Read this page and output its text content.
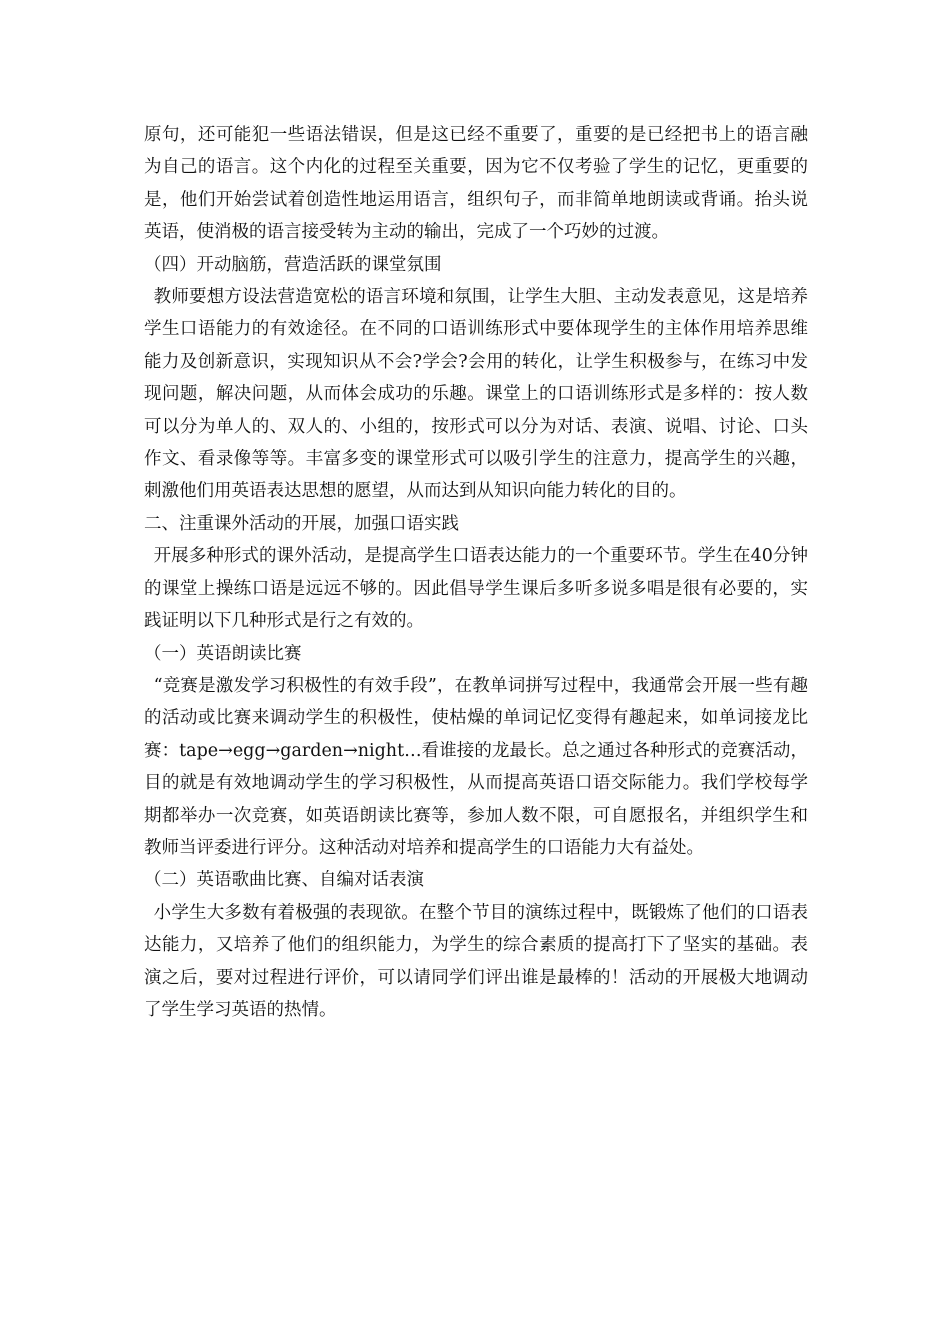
原句，还可能犯一些语法错误，但是这已经不重要了，重要的是已经把书上的语言融为自己的语言。这个内化的过程至关重要，因为它不仅考验了学生的记忆，更重要的是，他们开始尝试着创造性地运用语言，组织句子，而非简单地朗读或背诵。抬头说英语，使消极的语言接受转为主动的输出，完成了一个巧妙的过渡。

（四）开动脑筋，营造活跃的课堂氛围

教师要想方设法营造宽松的语言环境和氛围，让学生大胆、主动发表意见，这是培养学生口语能力的有效途径。在不同的口语训练形式中要体现学生的主体作用培养思维能力及创新意识，实现知识从不会?学会?会用的转化，让学生积极参与，在练习中发现问题，解决问题，从而体会成功的乐趣。课堂上的口语训练形式是多样的：按人数可以分为单人的、双人的、小组的，按形式可以分为对话、表演、说唱、讨论、口头作文、看录像等等。丰富多变的课堂形式可以吸引学生的注意力，提高学生的兴趣，刺激他们用英语表达思想的愿望，从而达到从知识向能力转化的目的。

二、注重课外活动的开展，加强口语实践

开展多种形式的课外活动，是提高学生口语表达能力的一个重要环节。学生在40分钟的课堂上操练口语是远远不够的。因此倡导学生课后多听多说多唱是很有必要的，实践证明以下几种形式是行之有效的。

（一）英语朗读比赛

“竞赛是激发学习积极性的有效手段”，在教单词拼写过程中，我通常会开展一些有趣的活动或比赛来调动学生的积极性，使枯燥的单词记忆变得有趣起来，如单词接龙比赛：tape→egg→garden→night…看谁接的龙最长。总之通过各种形式的竞赛活动，目的就是有效地调动学生的学习积极性，从而提高英语口语交际能力。我们学校每学期都举办一次竞赛，如英语朗读比赛等，参加人数不限，可自愿报名，并组织学生和教师当评委进行评分。这种活动对培养和提高学生的口语能力大有益处。

（二）英语歌曲比赛、自编对话表演

小学生大多数有着极强的表现欲。在整个节目的演练过程中，既锻炼了他们的口语表达能力，又培养了他们的组织能力，为学生的综合素质的提高打下了坚实的基础。表演之后，要对过程进行评价，可以请同学们评出谁是最棒的！活动的开展极大地调动了学生学习英语的热情。
